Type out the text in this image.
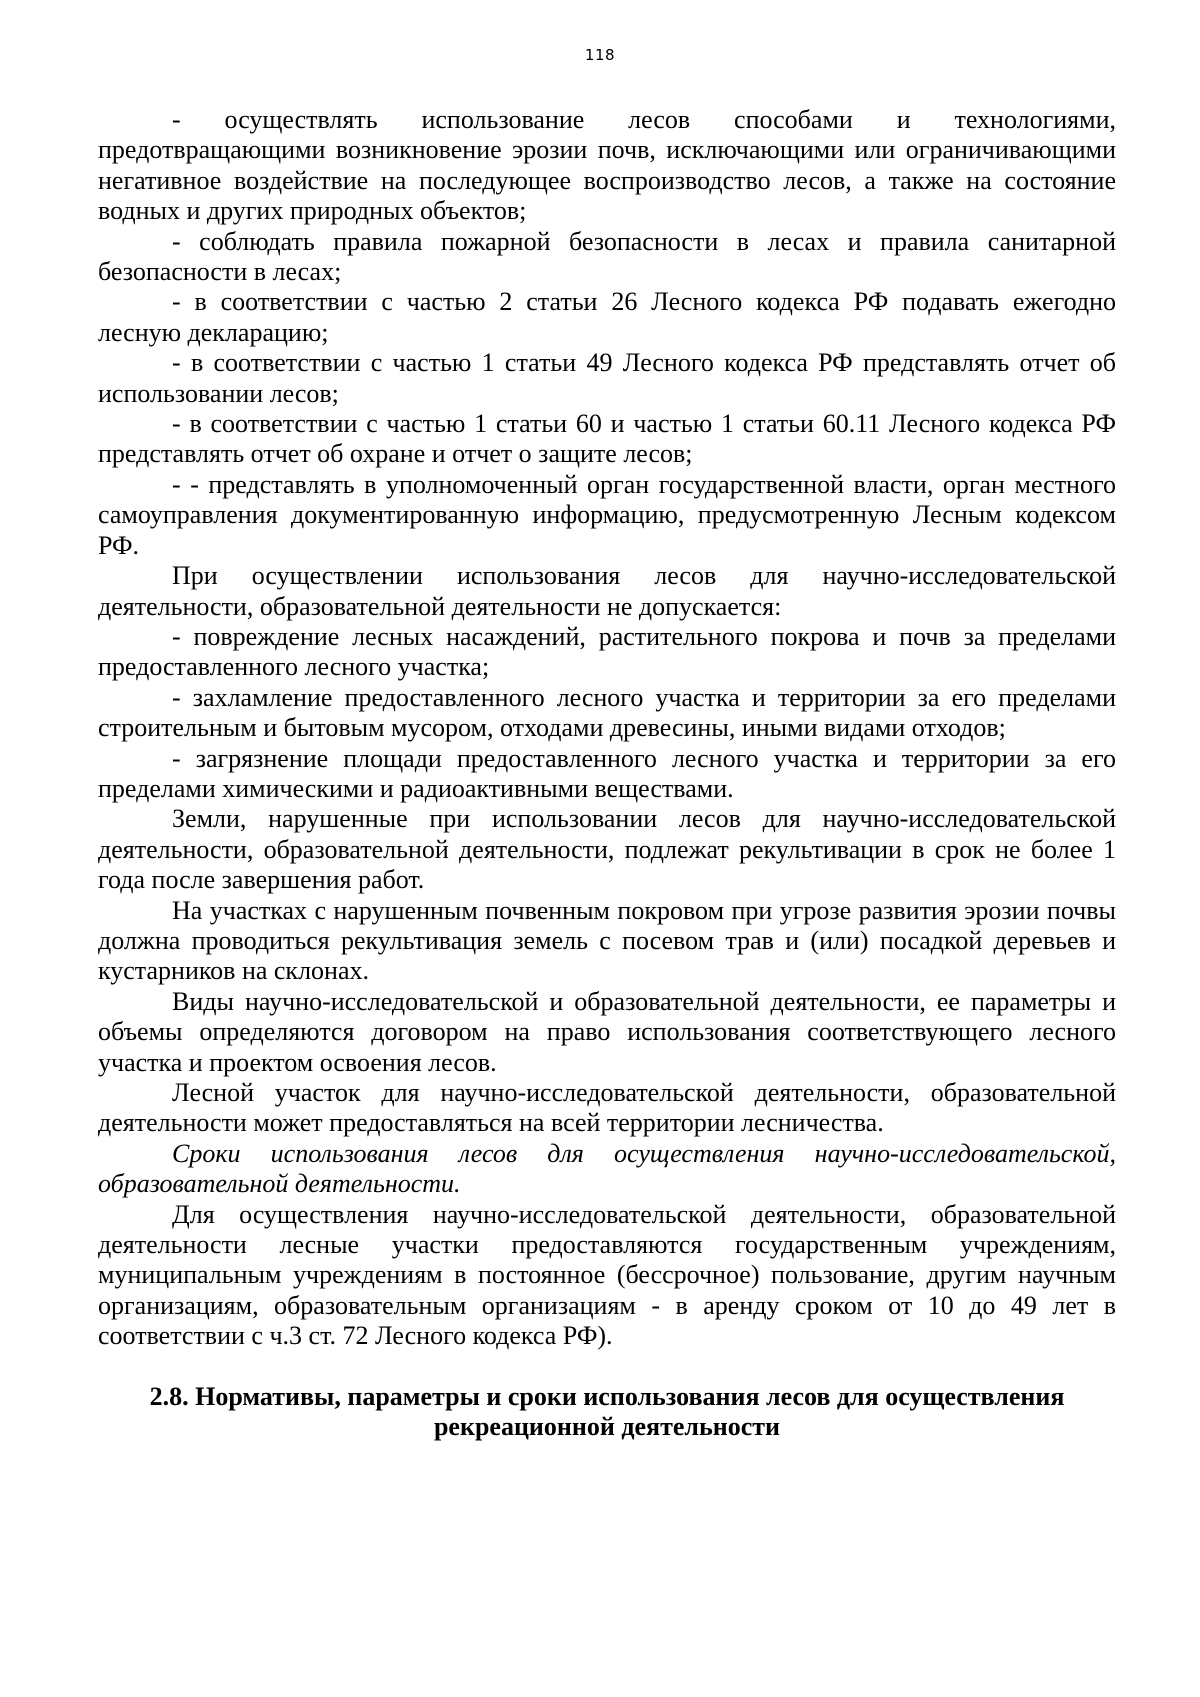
118

- осуществлять использование лесов способами и технологиями, предотвращающими возникновение эрозии почв, исключающими или ограничивающими негативное воздействие на последующее воспроизводство лесов, а также на состояние водных и других природных объектов;

- соблюдать правила пожарной безопасности в лесах и правила санитарной безопасности в лесах;

- в соответствии с частью 2 статьи 26 Лесного кодекса РФ подавать ежегодно лесную декларацию;

- в соответствии с частью 1 статьи 49 Лесного кодекса РФ представлять отчет об использовании лесов;

- в соответствии с частью 1 статьи 60 и частью 1 статьи 60.11 Лесного кодекса РФ представлять отчет об охране и отчет о защите лесов;

- - представлять в уполномоченный орган государственной власти, орган местного самоуправления документированную информацию, предусмотренную Лесным кодексом РФ.

При осуществлении использования лесов для научно-исследовательской деятельности, образовательной деятельности не допускается:

- повреждение лесных насаждений, растительного покрова и почв за пределами предоставленного лесного участка;

- захламление предоставленного лесного участка и территории за его пределами строительным и бытовым мусором, отходами древесины, иными видами отходов;

- загрязнение площади предоставленного лесного участка и территории за его пределами химическими и радиоактивными веществами.

Земли, нарушенные при использовании лесов для научно-исследовательской деятельности, образовательной деятельности, подлежат рекультивации в срок не более 1 года после завершения работ.

На участках с нарушенным почвенным покровом при угрозе развития эрозии почвы должна проводиться рекультивация земель с посевом трав и (или) посадкой деревьев и кустарников на склонах.

Виды научно-исследовательской и образовательной деятельности, ее параметры и объемы определяются договором на право использования соответствующего лесного участка и проектом освоения лесов.

Лесной участок для научно-исследовательской деятельности, образовательной деятельности может предоставляться на всей территории лесничества.

Сроки использования лесов для осуществления научно-исследовательской, образовательной деятельности.

Для осуществления научно-исследовательской деятельности, образовательной деятельности лесные участки предоставляются государственным учреждениям, муниципальным учреждениям в постоянное (бессрочное) пользование, другим научным организациям, образовательным организациям - в аренду сроком от 10 до 49 лет в соответствии с ч.3 ст. 72 Лесного кодекса РФ).

2.8. Нормативы, параметры и сроки использования лесов для осуществления рекреационной деятельности
